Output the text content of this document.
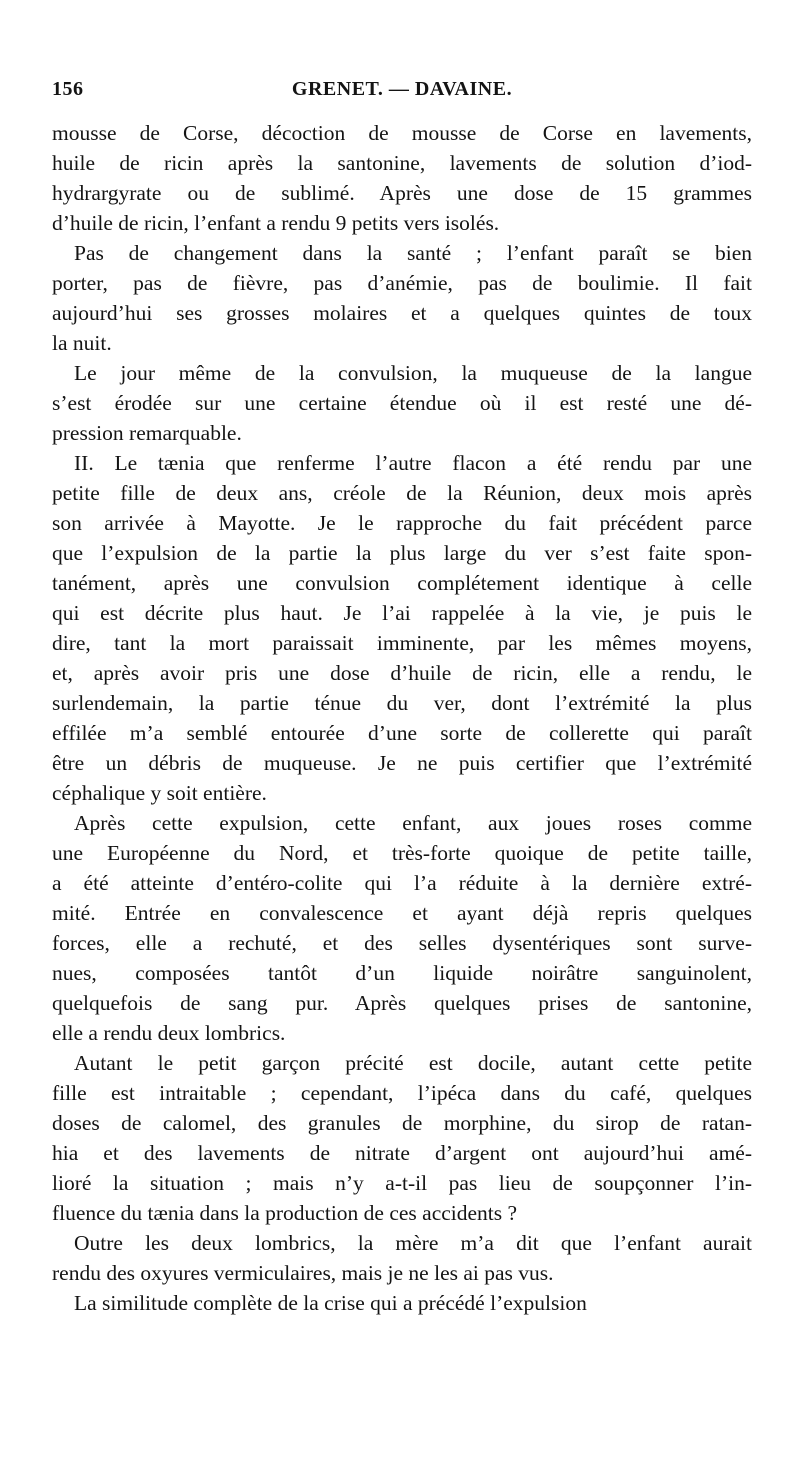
156	GRENET. — DAVAINE.
mousse de Corse, décoction de mousse de Corse en lavements,
huile de ricin après la santonine, lavements de solution d’iod-
hydrargyrate ou de sublimé. Après une dose de 15 grammes
d’huile de ricin, l’enfant a rendu 9 petits vers isolés.
Pas de changement dans la santé ; l’enfant paraît se bien
porter, pas de fièvre, pas d’anémie, pas de boulimie. Il fait
aujourd’hui ses grosses molaires et a quelques quintes de toux
la nuit.
Le jour même de la convulsion, la muqueuse de la langue
s’est érodée sur une certaine étendue où il est resté une dé-
pression remarquable.
II. Le tænia que renferme l’autre flacon a été rendu par une
petite fille de deux ans, créole de la Réunion, deux mois après
son arrivée à Mayotte. Je le rapproche du fait précédent parce
que l’expulsion de la partie la plus large du ver s’est faite spon-
tanément, après une convulsion complétement identique à celle
qui est décrite plus haut. Je l’ai rappelée à la vie, je puis le
dire, tant la mort paraissait imminente, par les mêmes moyens,
et, après avoir pris une dose d’huile de ricin, elle a rendu, le
surlendemain, la partie ténue du ver, dont l’extrémité la plus
effilée m’a semblé entourée d’une sorte de collerette qui paraît
être un débris de muqueuse. Je ne puis certifier que l’extrémité
céphalique y soit entière.
Après cette expulsion, cette enfant, aux joues roses comme
une Européenne du Nord, et très-forte quoique de petite taille,
a été atteinte d’entéro-colite qui l’a réduite à la dernière extré-
mité. Entrée en convalescence et ayant déjà repris quelques
forces, elle a rechuté, et des selles dysentériques sont surve-
nues, composées tantôt d’un liquide noirâtre sanguinolent,
quelquefois de sang pur. Après quelques prises de santonine,
elle a rendu deux lombrics.
Autant le petit garçon précité est docile, autant cette petite
fille est intraitable ; cependant, l’ipéca dans du café, quelques
doses de calomel, des granules de morphine, du sirop de ratan-
hia et des lavements de nitrate d’argent ont aujourd’hui amé-
lioré la situation ; mais n’y a-t-il pas lieu de soupçonner l’in-
fluence du tænia dans la production de ces accidents ?
Outre les deux lombrics, la mère m’a dit que l’enfant aurait
rendu des oxyures vermiculaires, mais je ne les ai pas vus.
La similitude complète de la crise qui a précédé l’expulsion
